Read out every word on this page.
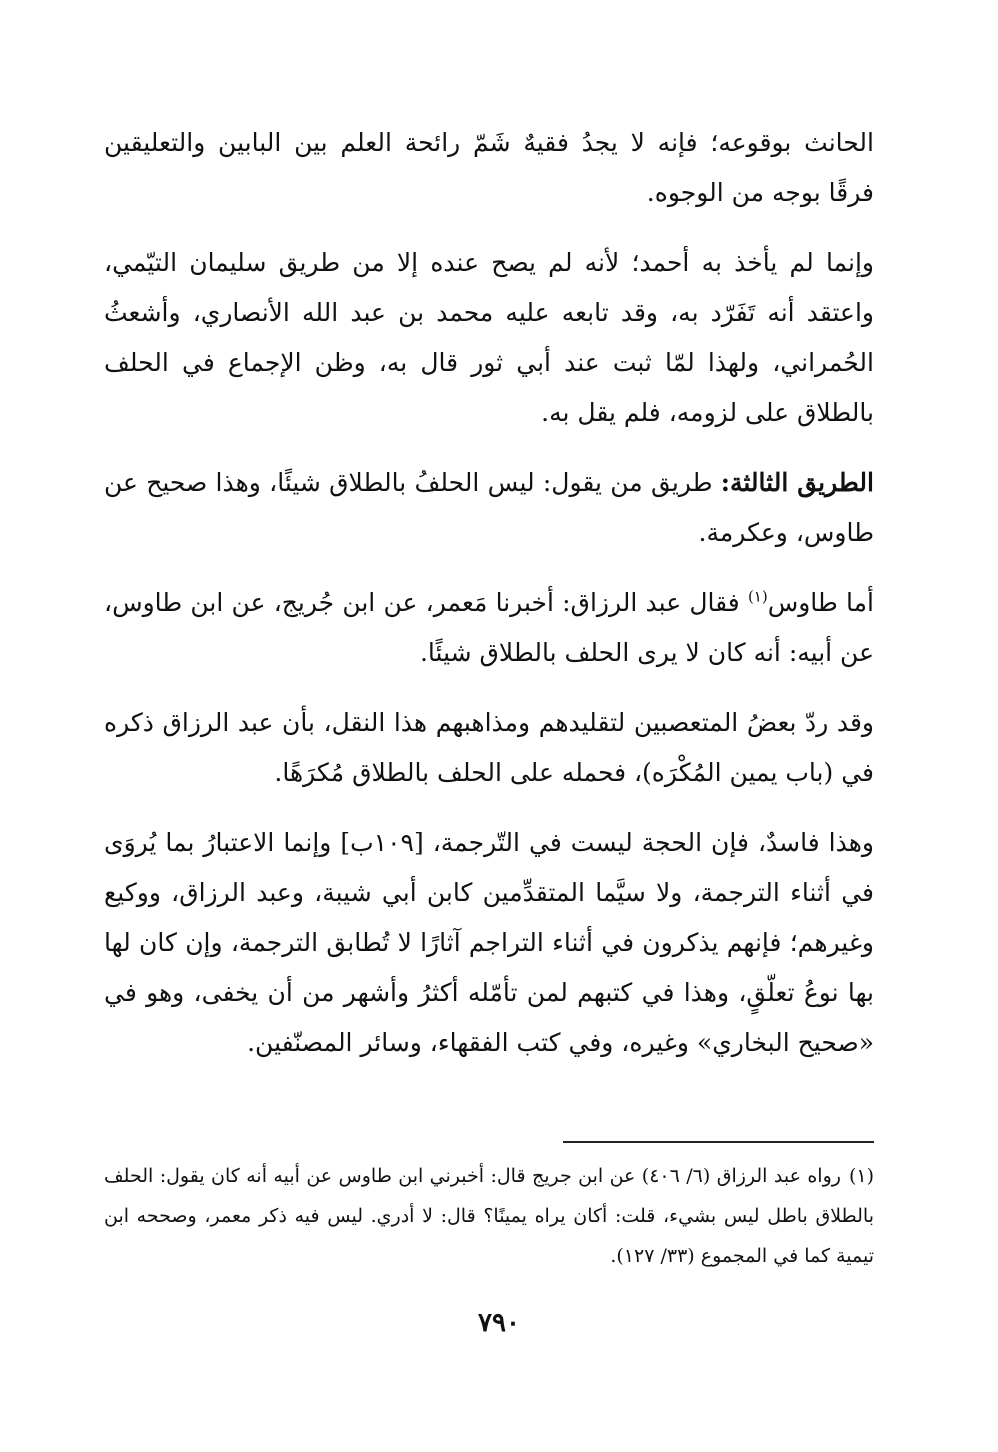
الحانث بوقوعه؛ فإنه لا يجدُ فقيهٌ شَمّ رائحة العلم بين البابين والتعليقين فرقًا بوجه من الوجوه.

وإنما لم يأخذ به أحمد؛ لأنه لم يصح عنده إلا من طريق سليمان التيّمي، واعتقد أنه تَفَرّد به، وقد تابعه عليه محمد بن عبد الله الأنصاري، وأشعثُ الحُمراني، ولهذا لمّا ثبت عند أبي ثور قال به، وظن الإجماع في الحلف بالطلاق على لزومه، فلم يقل به.

الطريق الثالثة: طريق من يقول: ليس الحلفُ بالطلاق شيئًا، وهذا صحيح عن طاوس، وعكرمة.

أما طاوس$^{(١)}$ فقال عبد الرزاق: أخبرنا مَعمر، عن ابن جُريج، عن ابن طاوس، عن أبيه: أنه كان لا يرى الحلف بالطلاق شيئًا.

وقد ردّ بعضُ المتعصبين لتقليدهم ومذاهبهم هذا النقل، بأن عبد الرزاق ذكره في (باب يمين المُكْرَه)، فحمله على الحلف بالطلاق مُكرَهًا.

وهذا فاسدٌ، فإن الحجة ليست في التّرجمة، [١٠٩ب] وإنما الاعتبارُ بما يُروَى في أثناء الترجمة، ولا سيَّما المتقدِّمين كابن أبي شيبة، وعبد الرزاق، ووكيع وغيرهم؛ فإنهم يذكرون في أثناء التراجم آثارًا لا تُطابق الترجمة، وإن كان لها بها نوعُ تعلّقٍ، وهذا في كتبهم لمن تأمّله أكثرُ وأشهر من أن يخفى، وهو في «صحيح البخاري» وغيره، وفي كتب الفقهاء، وسائر المصنّفين.

(١)رواه عبد الرزاق (٦/ ٤٠٦) عن ابن جريج قال: أخبرني ابن طاوس عن أبيه أنه كان يقول: الحلف بالطلاق باطل ليس بشيء، قلت: أكان يراه يمينًا؟ قال: لا أدري. ليس فيه ذكر معمر، وصححه ابن تيمية كما في المجموع (٣٣/ ١٢٧).

٧٩٠
